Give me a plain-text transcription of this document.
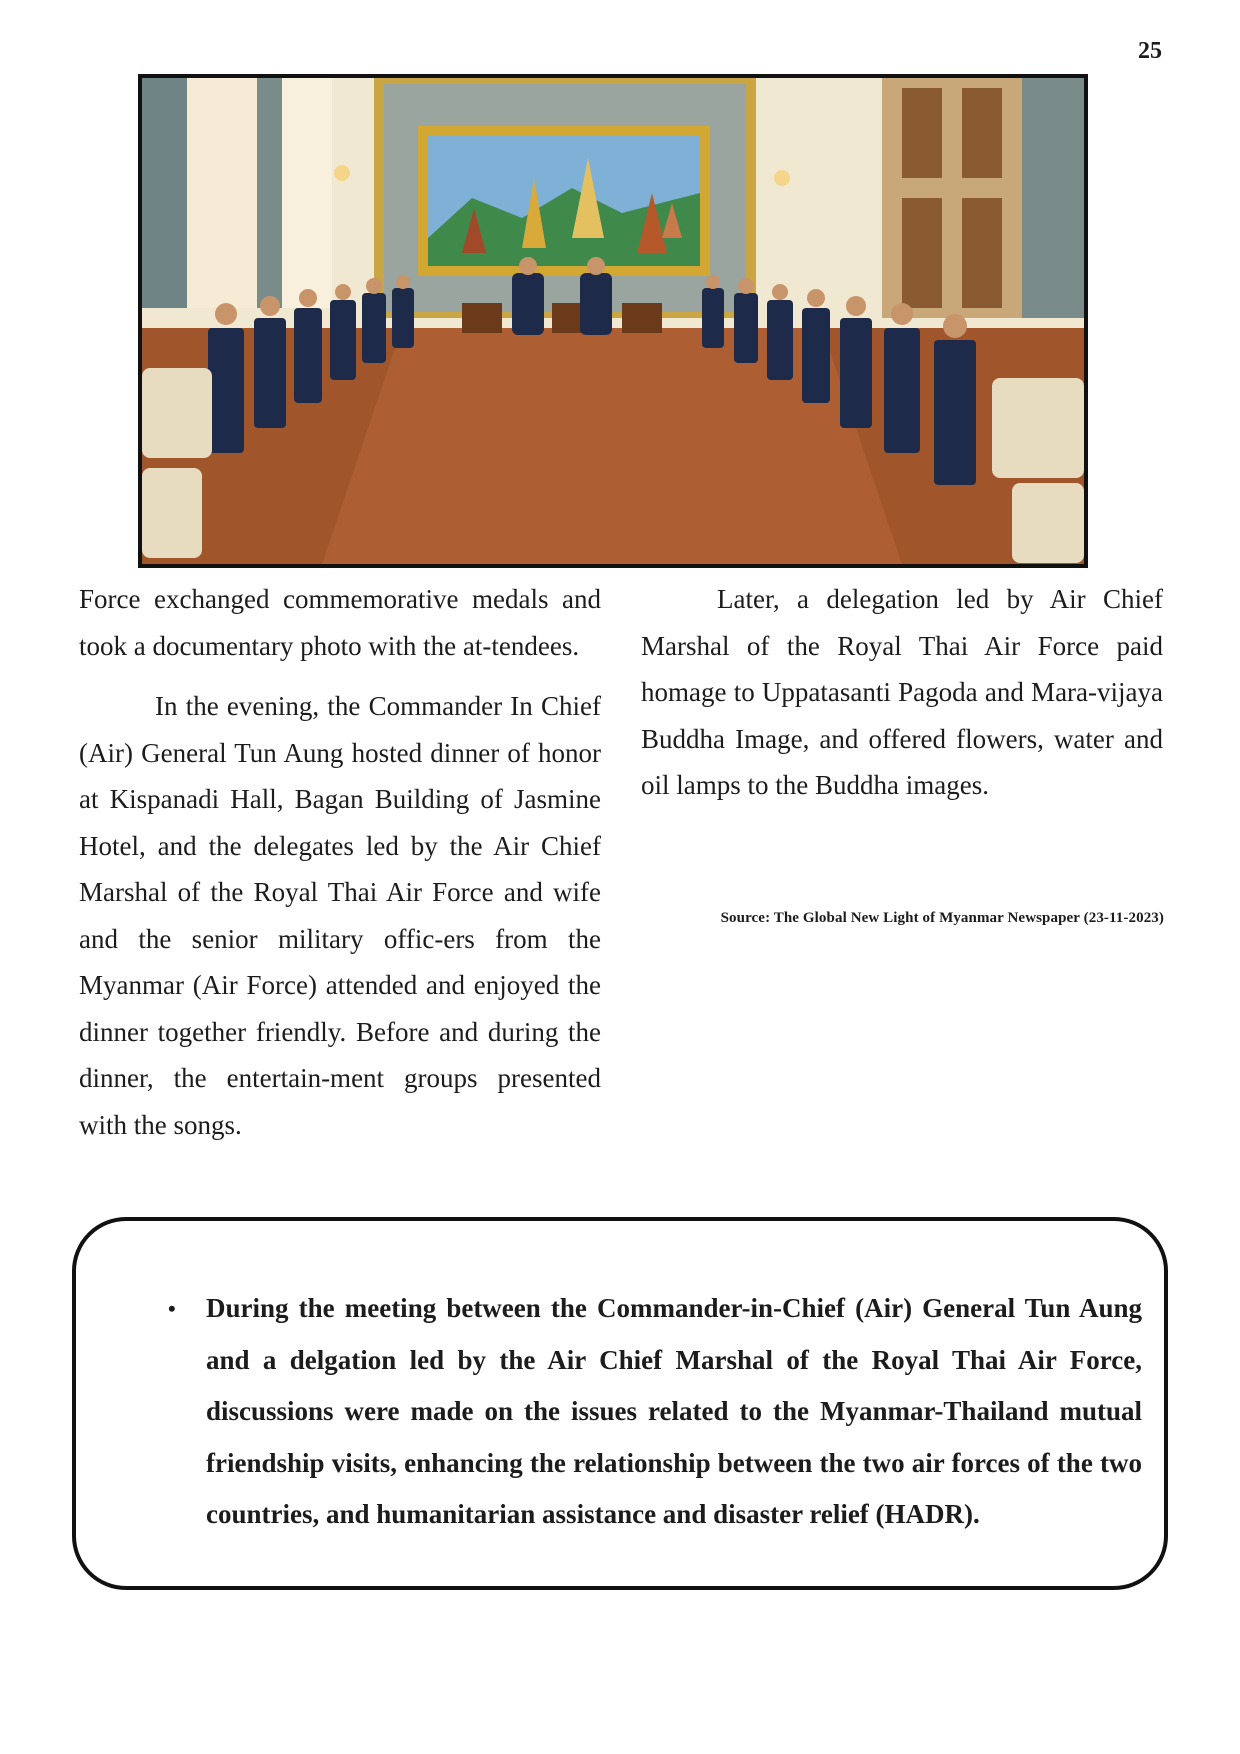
25

Force exchanged commemorative medals and took a documentary photo with the at-tendees.

In the evening, the Commander In Chief (Air) General Tun Aung hosted dinner of honor at Kispanadi Hall, Bagan Building of Jasmine Hotel, and the delegates led by the Air Chief Marshal of the Royal Thai Air Force and wife and the senior military offic-ers from the Myanmar (Air Force) attended and enjoyed the dinner together friendly. Before and during the dinner, the entertain-ment groups presented with the songs.

Later, a delegation led by Air Chief Marshal of the Royal Thai Air Force paid homage to Uppatasanti Pagoda and Mara-vijaya Buddha Image, and offered flowers, water and oil lamps to the Buddha images.

Source: The Global New Light of Myanmar Newspaper (23-11-2023)
• During the meeting between the Commander-in-Chief (Air) General Tun Aung and a delgation led by the Air Chief Marshal of the Royal Thai Air Force, discussions were made on the issues related to the Myanmar-Thailand mutual friendship visits, enhancing the relationship between the two air forces of the two countries, and humanitarian assistance and disaster relief (HADR).
